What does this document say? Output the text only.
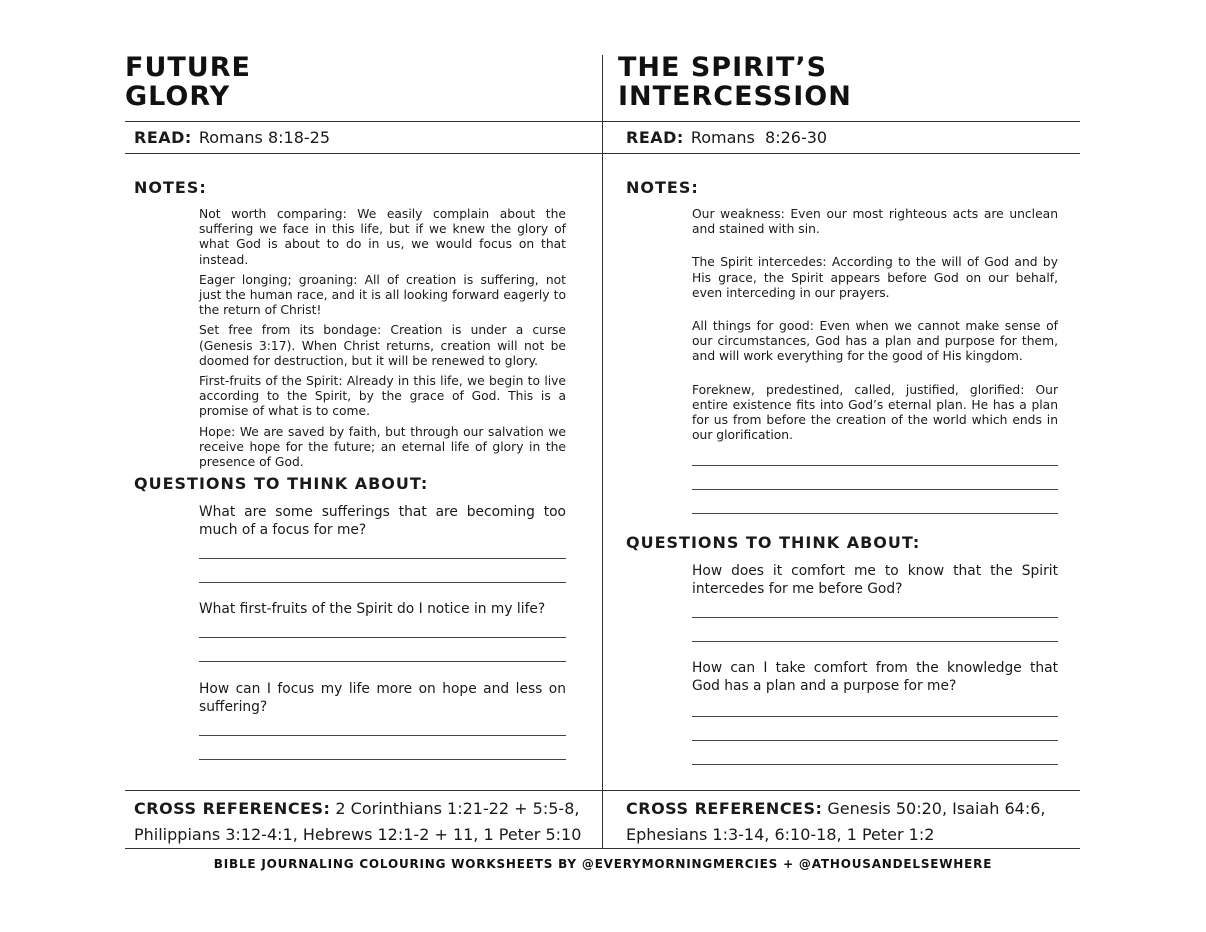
FUTURE
GLORY
READ: Romans 8:18-25
NOTES:

Not worth comparing: We easily complain about the suffering we face in this life, but if we knew the glory of what God is about to do in us, we would focus on that instead.

Eager longing; groaning: All of creation is suffering, not just the human race, and it is all looking forward eagerly to the return of Christ!

Set free from its bondage: Creation is under a curse (Genesis 3:17). When Christ returns, creation will not be doomed for destruction, but it will be renewed to glory.

First-fruits of the Spirit: Already in this life, we begin to live according to the Spirit, by the grace of God. This is a promise of what is to come.

Hope: We are saved by faith, but through our salvation we receive hope for the future; an eternal life of glory in the presence of God.

QUESTIONS TO THINK ABOUT:
What are some sufferings that are becoming too much of a focus for me?
What first-fruits of the Spirit do I notice in my life?
How can I focus my life more on hope and less on suffering?
CROSS REFERENCES: 2 Corinthians 1:21-22 + 5:5-8,
Philippians 3:12-4:1, Hebrews 12:1-2 + 11, 1 Peter 5:10
THE SPIRIT’S
INTERCESSION
READ: Romans  8:26-30
NOTES:

Our weakness: Even our most righteous acts are unclean and stained with sin.

The Spirit intercedes: According to the will of God and by His grace, the Spirit appears before God on our behalf, even interceding in our prayers.

All things for good: Even when we cannot make sense of our circumstances, God has a plan and purpose for them, and will work everything for the good of His kingdom.

Foreknew, predestined, called, justified, glorified: Our entire existence fits into God’s eternal plan. He has a plan for us from before the creation of the world which ends in our glorification.

QUESTIONS TO THINK ABOUT:
How does it comfort me to know that the Spirit intercedes for me before God?
How can I take comfort from the knowledge that God has a plan and a purpose for me?
CROSS REFERENCES: Genesis 50:20, Isaiah 64:6,
Ephesians 1:3-14, 6:10-18, 1 Peter 1:2
BIBLE JOURNALING COLOURING WORKSHEETS BY @EVERYMORNINGMERCIES + @ATHOUSANDELSEWHERE
